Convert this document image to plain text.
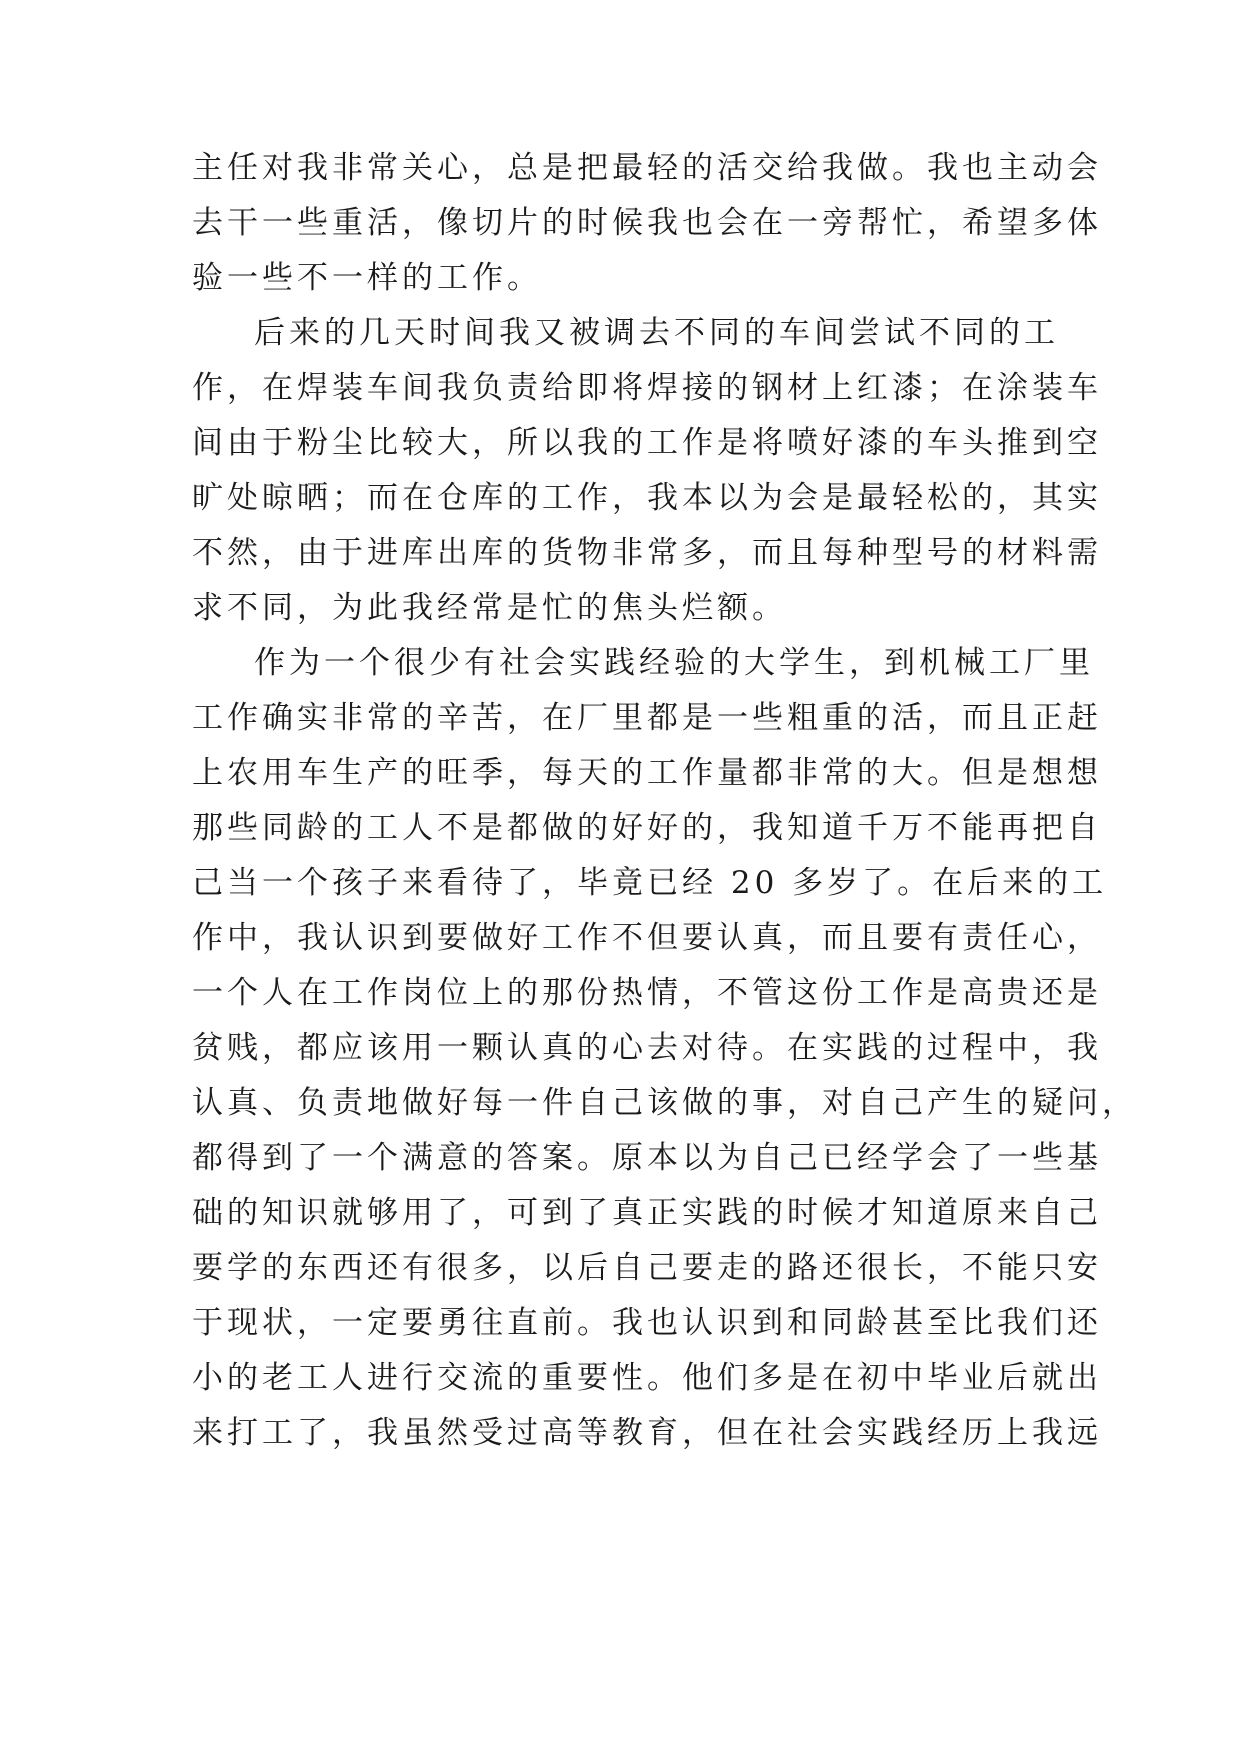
主任对我非常关心，总是把最轻的活交给我做。我也主动会
去干一些重活，像切片的时候我也会在一旁帮忙，希望多体
验一些不一样的工作。
后来的几天时间我又被调去不同的车间尝试不同的工
作，在焊装车间我负责给即将焊接的钢材上红漆；在涂装车
间由于粉尘比较大，所以我的工作是将喷好漆的车头推到空
旷处晾晒；而在仓库的工作，我本以为会是最轻松的，其实
不然，由于进库出库的货物非常多，而且每种型号的材料需
求不同，为此我经常是忙的焦头烂额。
作为一个很少有社会实践经验的大学生，到机械工厂里
工作确实非常的辛苦，在厂里都是一些粗重的活，而且正赶
上农用车生产的旺季，每天的工作量都非常的大。但是想想
那些同龄的工人不是都做的好好的，我知道千万不能再把自
己当一个孩子来看待了，毕竟已经 20 多岁了。在后来的工
作中，我认识到要做好工作不但要认真，而且要有责任心，
一个人在工作岗位上的那份热情，不管这份工作是高贵还是
贫贱，都应该用一颗认真的心去对待。在实践的过程中，我
认真、负责地做好每一件自己该做的事，对自己产生的疑问，
都得到了一个满意的答案。原本以为自己已经学会了一些基
础的知识就够用了，可到了真正实践的时候才知道原来自己
要学的东西还有很多，以后自己要走的路还很长，不能只安
于现状，一定要勇往直前。我也认识到和同龄甚至比我们还
小的老工人进行交流的重要性。他们多是在初中毕业后就出
来打工了，我虽然受过高等教育，但在社会实践经历上我远
